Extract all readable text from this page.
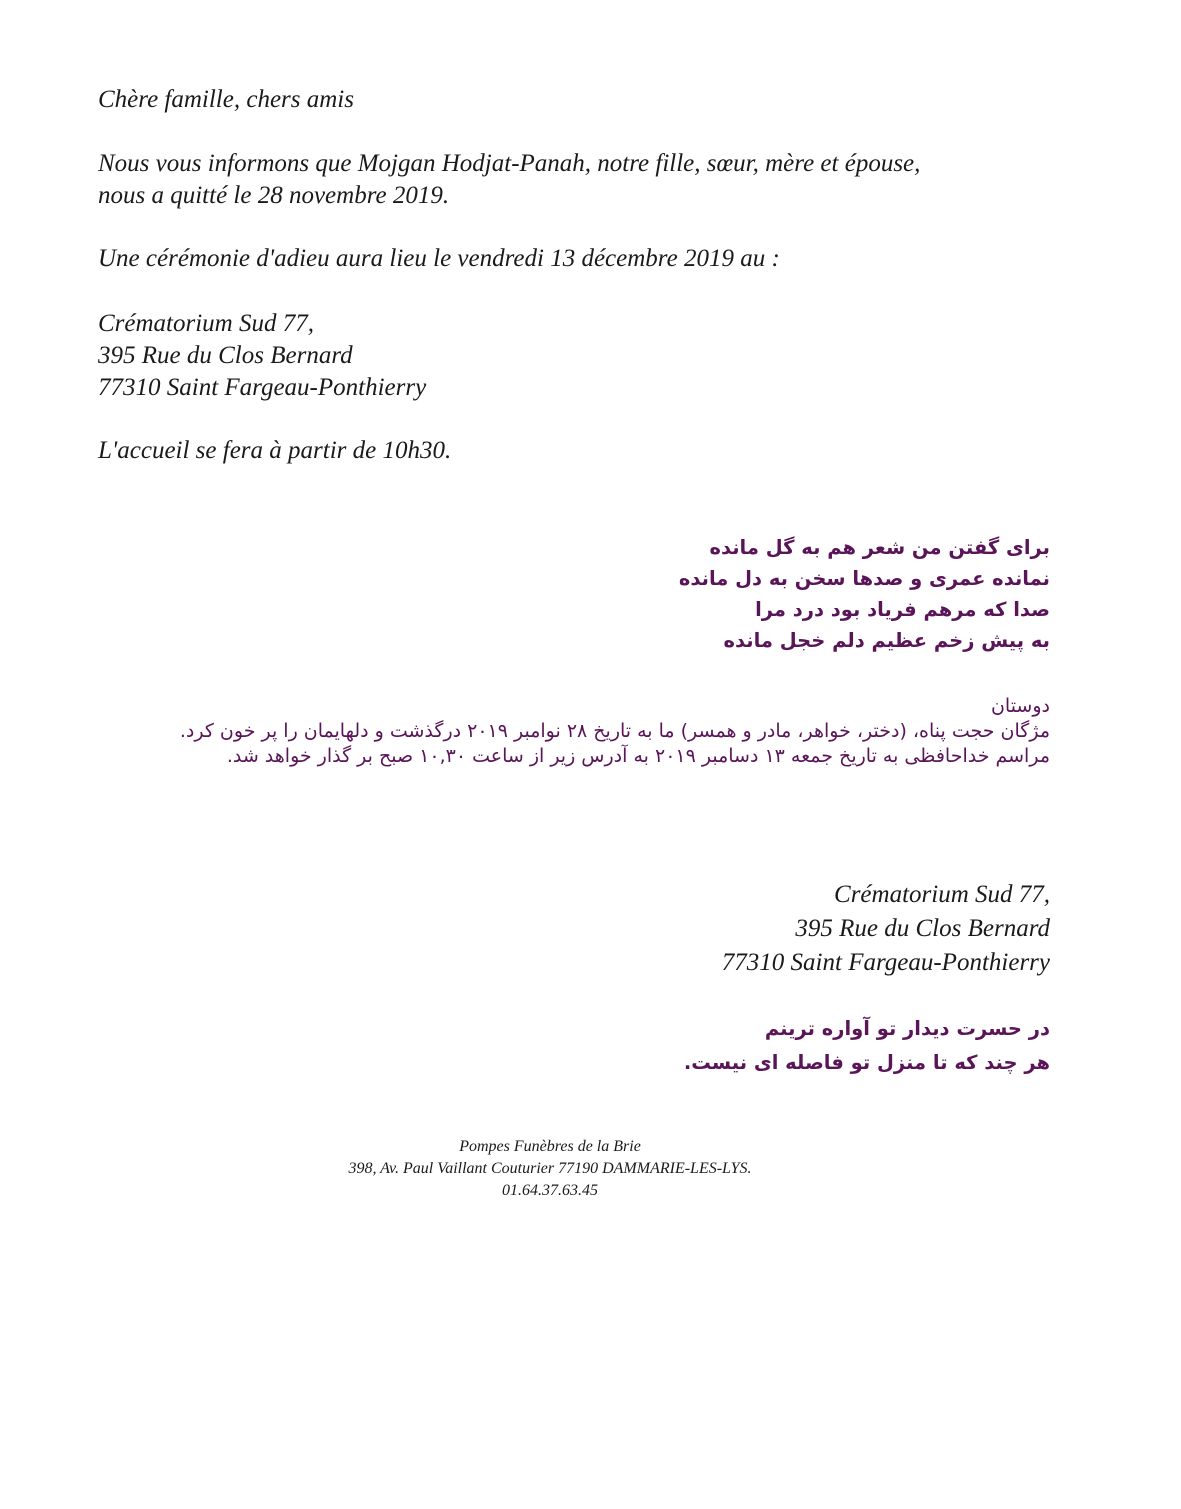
Chère famille, chers amis

Nous vous informons que Mojgan Hodjat-Panah, notre fille, sœur, mère et épouse,
nous a quitté le 28 novembre 2019.

Une cérémonie d'adieu aura lieu le vendredi 13 décembre 2019 au :

Crématorium Sud 77,
395 Rue du Clos Bernard
77310 Saint Fargeau-Ponthierry

L'accueil se fera à partir de 10h30.

برای گفتن من شعر هم به گل مانده
نمانده عمری و صدها سخن به دل مانده
صدا که مرهم فریاد بود درد مرا
به پیش زخم عظیم دلم خجل مانده
دوستان
مژگان حجت پناه، (دختر، خواهر، مادر و همسر) ما به تاریخ ۲۸ نوامبر ۲۰۱۹ درگذشت و دلهایمان را پر خون کرد.
مراسم خداحافظی به تاریخ جمعه ۱۳ دسامبر ۲۰۱۹ به آدرس زیر از ساعت ۱۰,۳۰ صبح بر گذار خواهد شد.
Crématorium Sud 77,
395 Rue du Clos Bernard
77310 Saint Fargeau-Ponthierry
در حسرت دیدار تو آواره ترینم
هر چند که تا منزل تو فاصله ای نیست.
Pompes Funèbres de la Brie
398, Av. Paul Vaillant Couturier 77190 DAMMARIE-LES-LYS.
01.64.37.63.45
